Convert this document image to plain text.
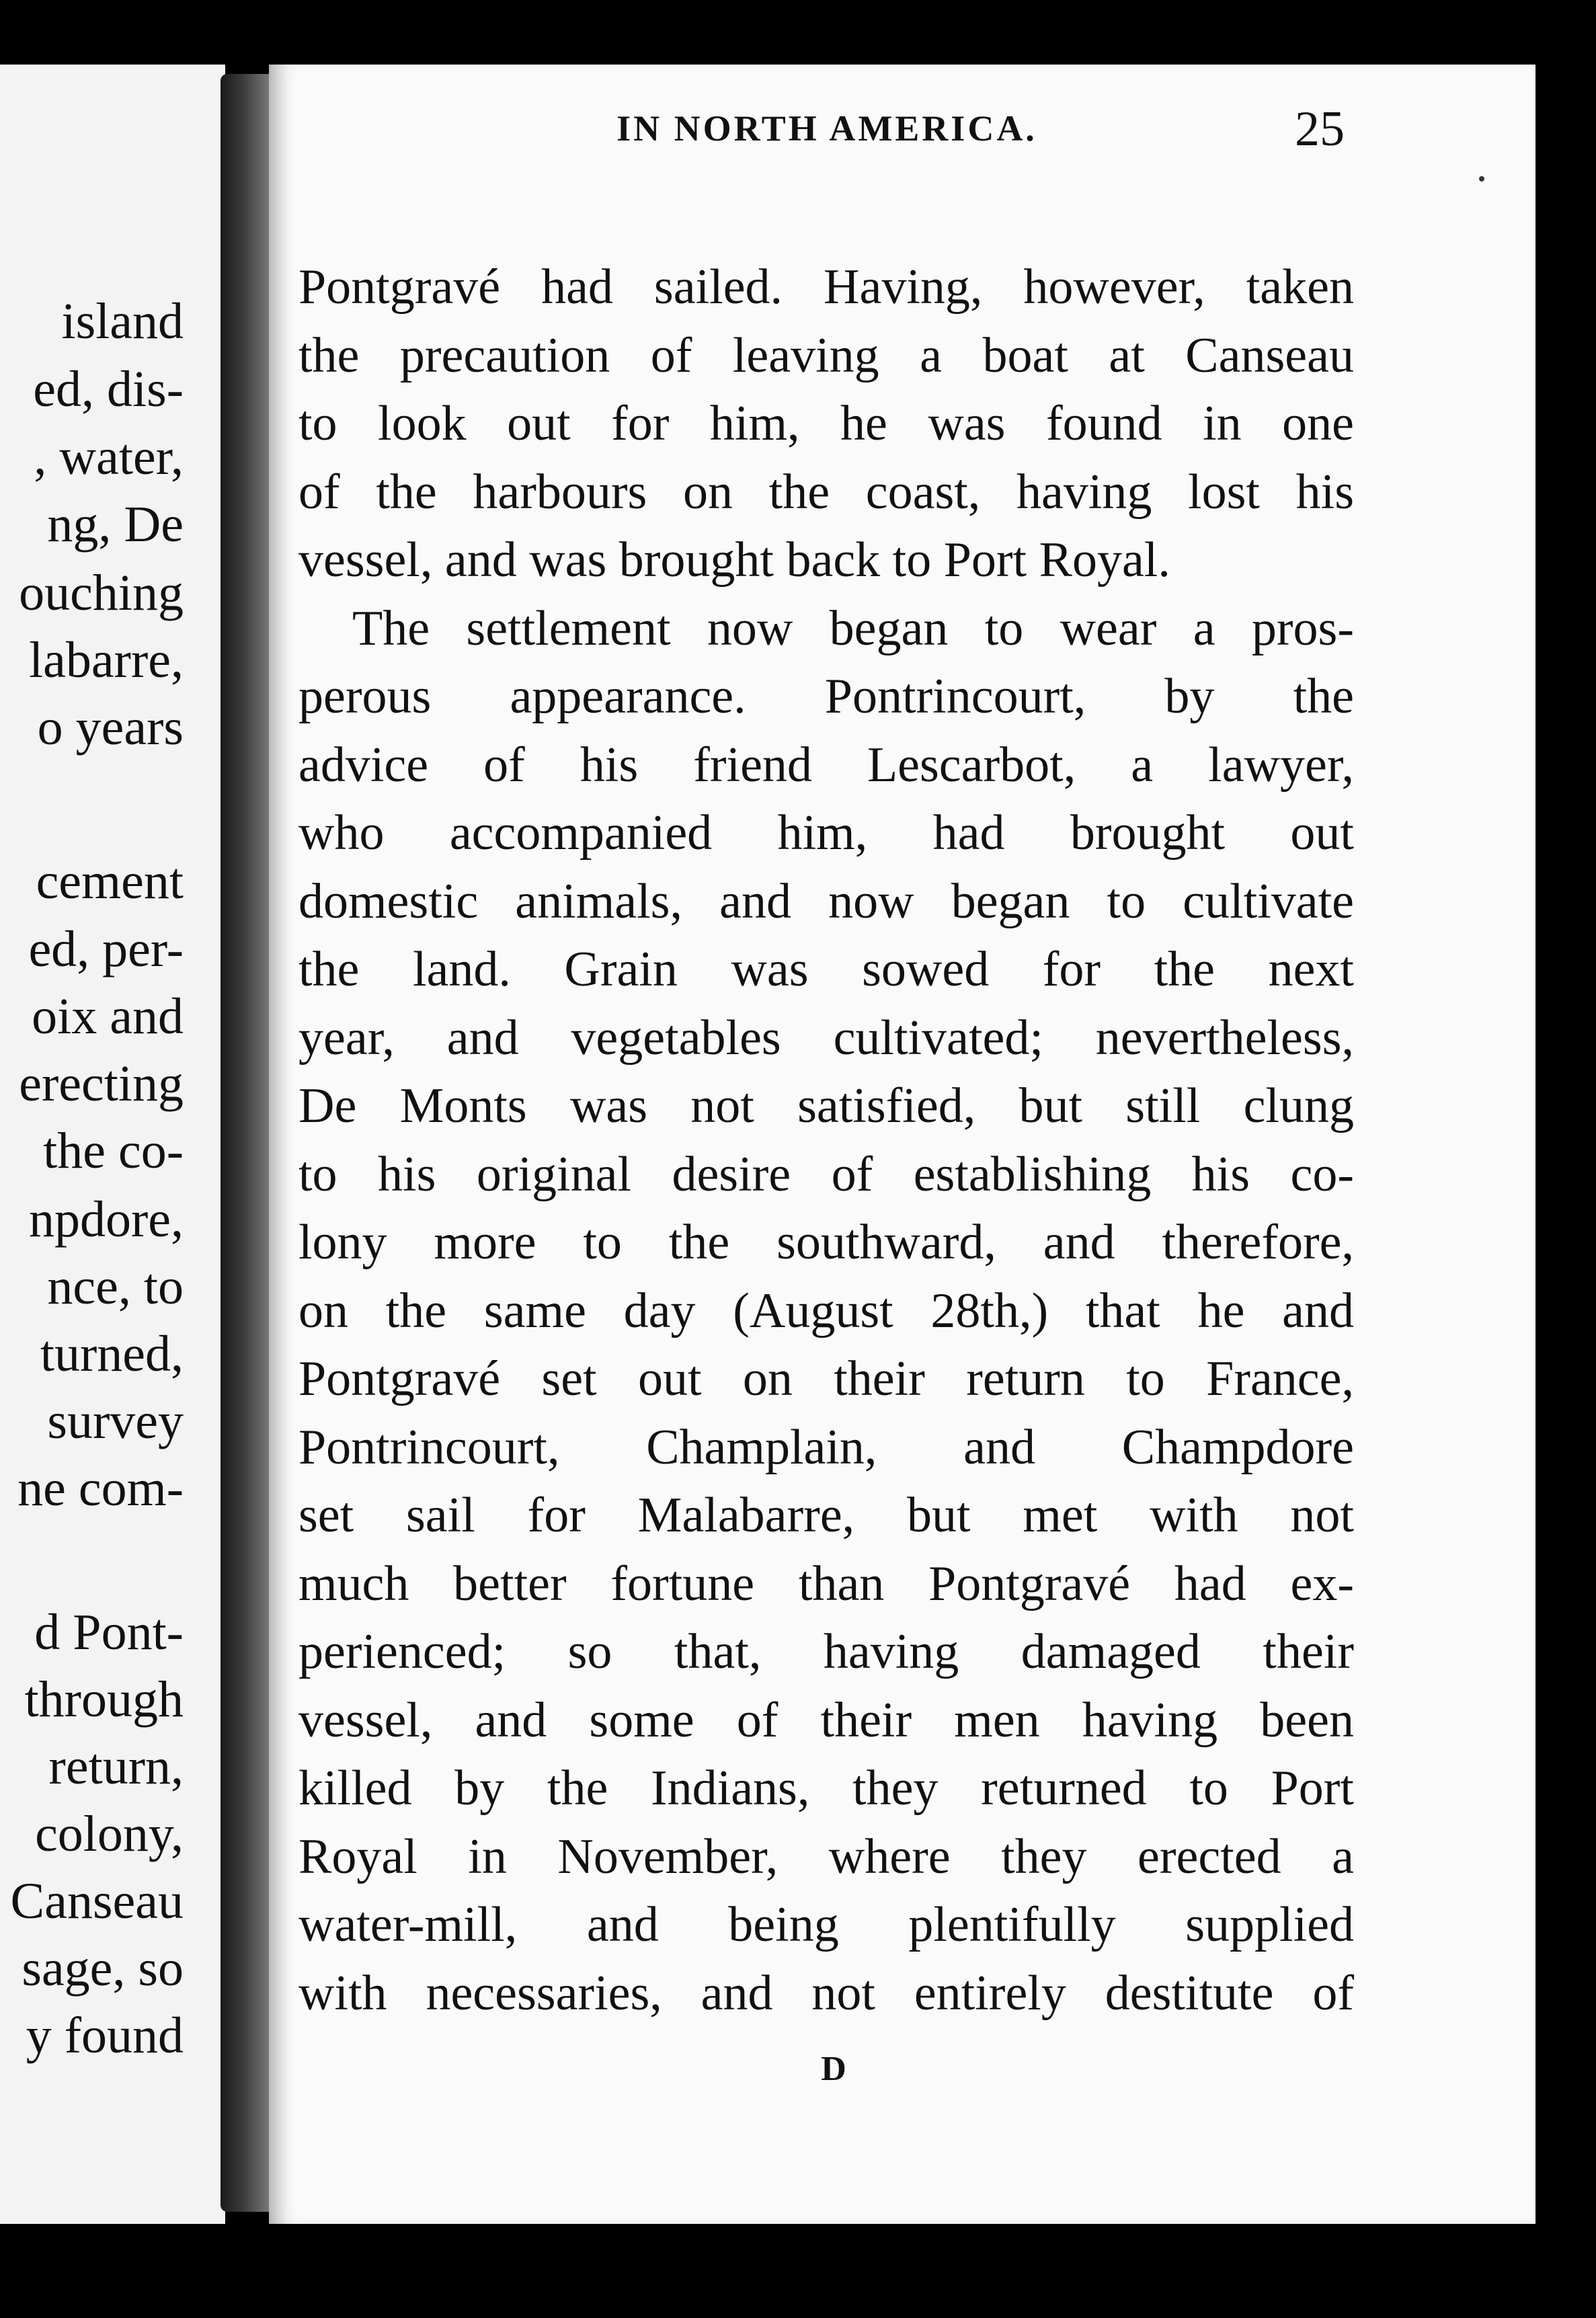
island
ed, dis-
, water,
ng, De
ouching
labarre,
o years
cement
ed, per-
oix and
erecting
the co-
npdore,
nce, to
turned,
survey
ne com-
d Pont-
through
return,
colony,
Canseau
sage, so
y found
IN NORTH AMERICA.	25
Pontgravé had sailed. Having, however, taken
the precaution of leaving a boat at Canseau
to look out for him, he was found in one
of the harbours on the coast, having lost his
vessel, and was brought back to Port Royal.
The settlement now began to wear a pros-
perous appearance. Pontrincourt, by the
advice of his friend Lescarbot, a lawyer,
who accompanied him, had brought out
domestic animals, and now began to cultivate
the land. Grain was sowed for the next
year, and vegetables cultivated; nevertheless,
De Monts was not satisfied, but still clung
to his original desire of establishing his co-
lony more to the southward, and therefore,
on the same day (August 28th,) that he and
Pontgravé set out on their return to France,
Pontrincourt, Champlain, and Champdore
set sail for Malabarre, but met with not
much better fortune than Pontgravé had ex-
perienced; so that, having damaged their
vessel, and some of their men having been
killed by the Indians, they returned to Port
Royal in November, where they erected a
water-mill, and being plentifully supplied
with necessaries, and not entirely destitute of
D
